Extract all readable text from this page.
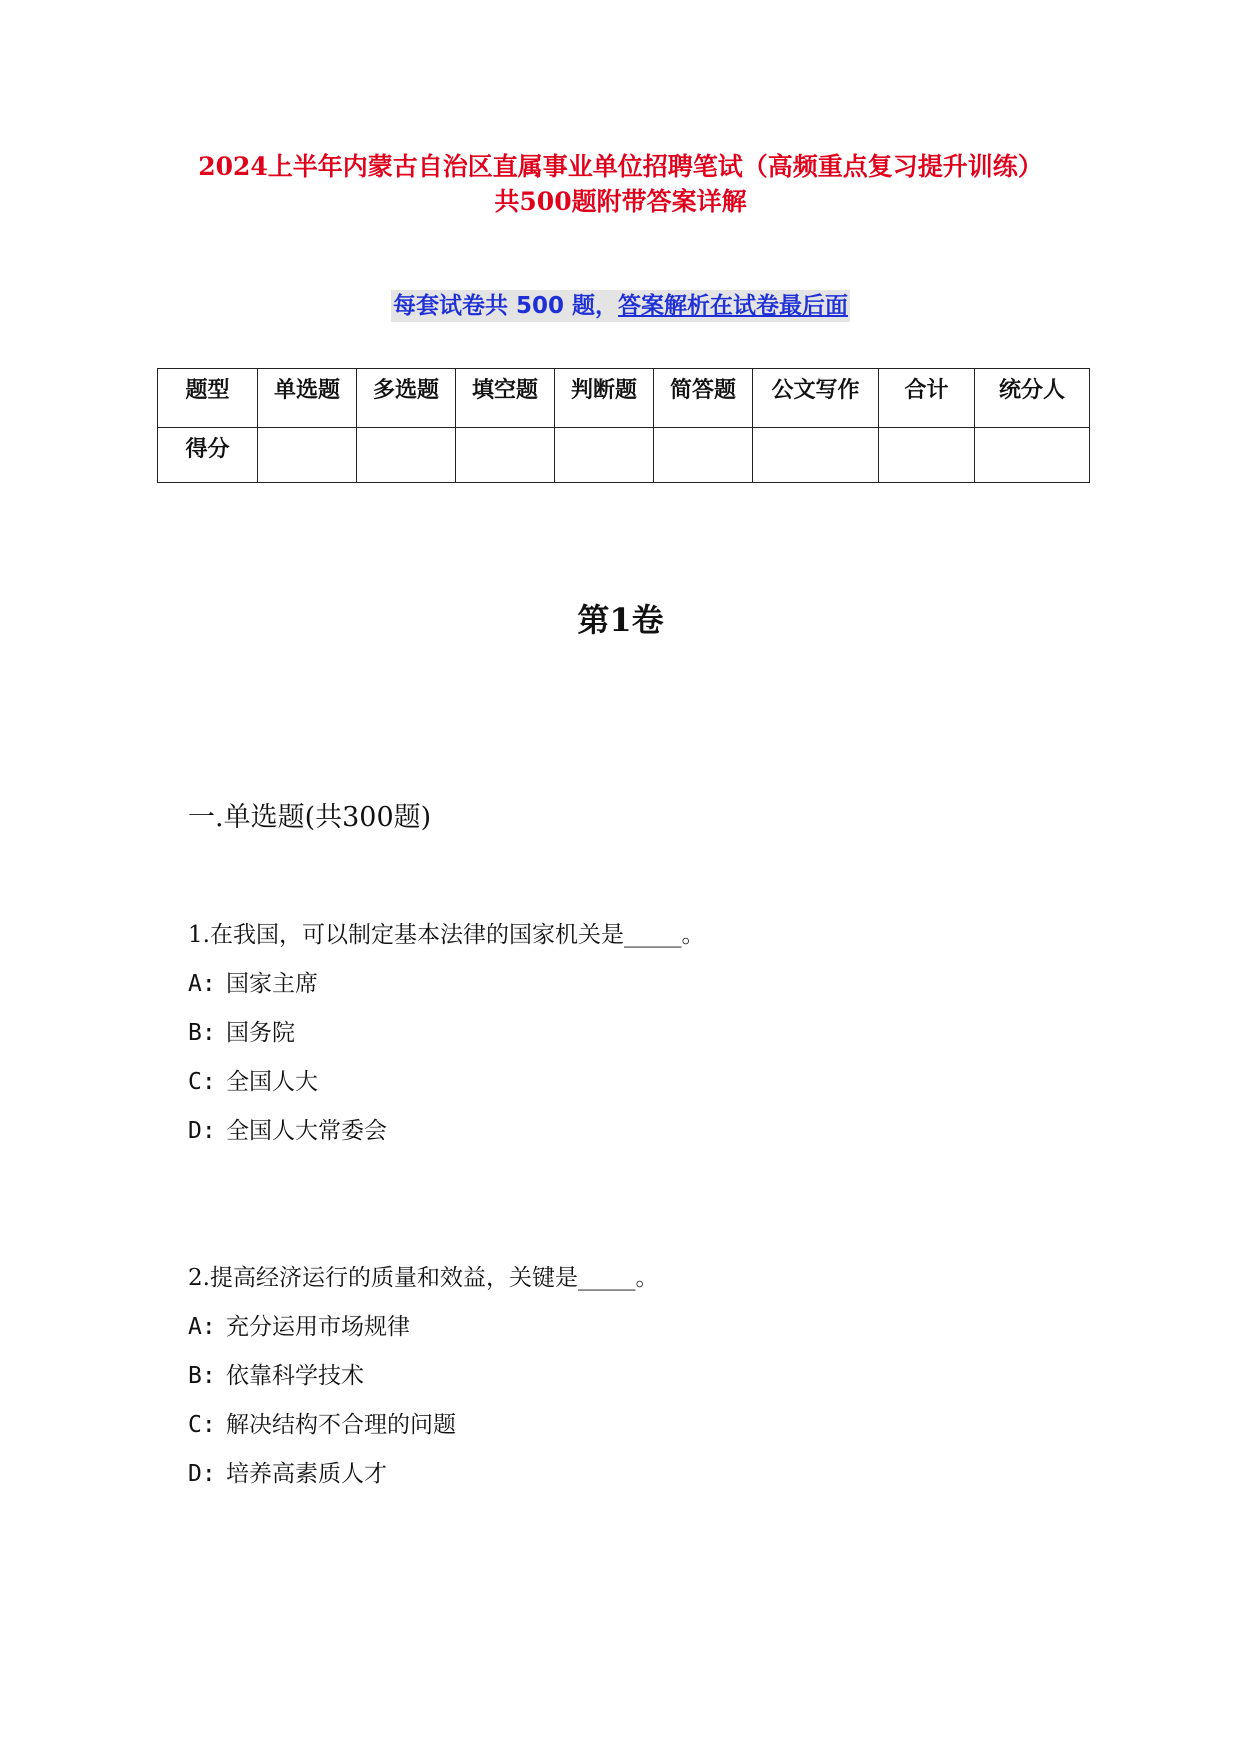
2024上半年内蒙古自治区直属事业单位招聘笔试（高频重点复习提升训练）
共500题附带答案详解
每套试卷共 500 题，答案解析在试卷最后面
题型	单选题	多选题	填空题	判断题	简答题	公文写作	合计	统分人
得分								
第1卷
一.单选题(共300题)
1.在我国，可以制定基本法律的国家机关是_____。
A: 国家主席
B: 国务院
C: 全国人大
D: 全国人大常委会
2.提高经济运行的质量和效益，关键是_____。
A: 充分运用市场规律
B: 依靠科学技术
C: 解决结构不合理的问题
D: 培养高素质人才
